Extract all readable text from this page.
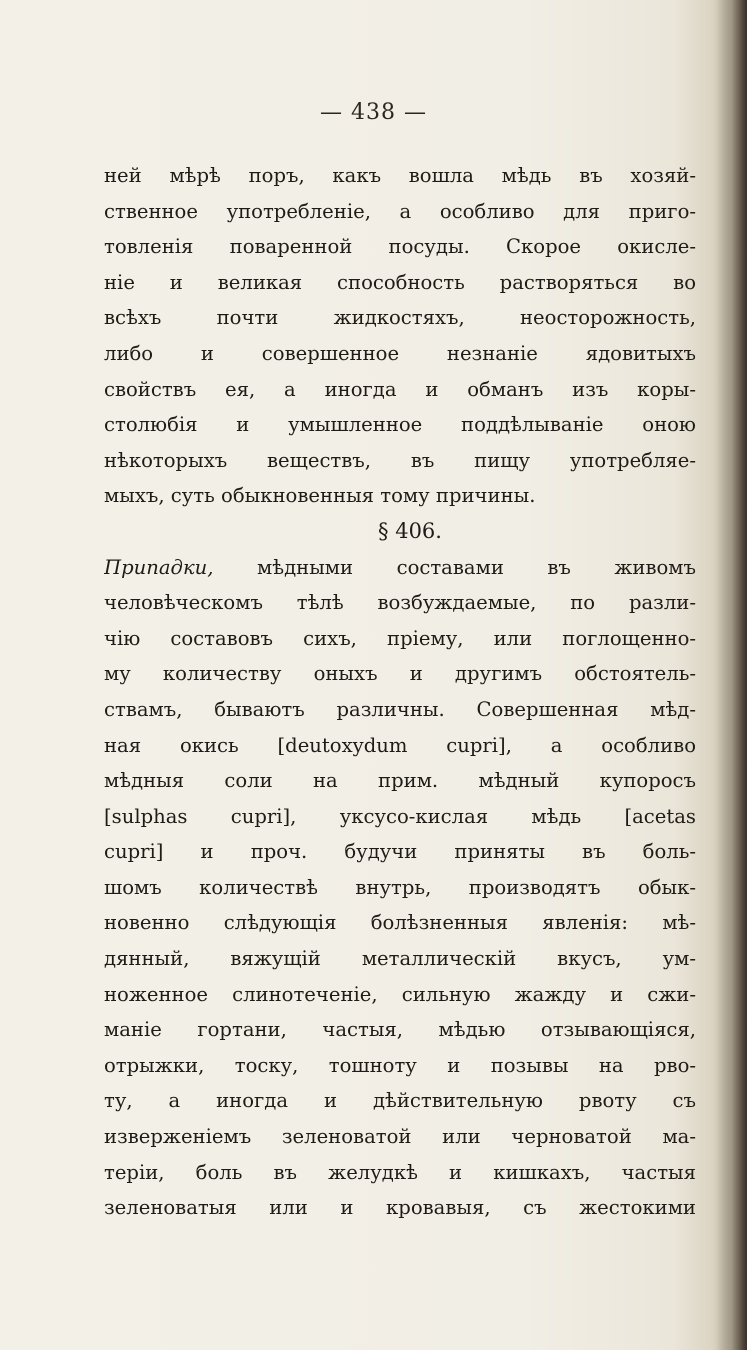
— 438 —
ней мѣрѣ поръ, какъ вошла мѣдь въ хозяй-
ственное употребленіе, а особливо для приго-
товленія поваренной посуды. Скорое окисле-
ніе и великая способность растворяться во
всѣхъ почти жидкостяхъ, неосторожность,
либо и совершенное незнаніе ядовитыхъ
свойствъ ея, а иногда и обманъ изъ коры-
столюбія и умышленное поддѣлываніе оною
нѣкоторыхъ веществъ, въ пищу употребляе-
мыхъ, суть обыкновенныя тому причины.
§ 406.
Припадки, мѣдными составами въ живомъ
человѣческомъ тѣлѣ возбуждаемые, по разли-
чію составовъ сихъ, пріему, или поглощенно-
му количеству оныхъ и другимъ обстоятель-
ствамъ, бываютъ различны. Совершенная мѣд-
ная окись [deutoxydum cupri], а особливо
мѣдныя соли на прим. мѣдный купоросъ
[sulphas cupri], уксусо-кислая мѣдь [acetas
cupri] и проч. будучи приняты въ боль-
шомъ количествѣ внутрь, производятъ обык-
новенно слѣдующія болѣзненныя явленія: мѣ-
дянный, вяжущій металлическій вкусъ, ум-
ноженное слинотеченіе, сильную жажду и сжи-
маніе гортани, частыя, мѣдью отзывающіяся,
отрыжки, тоску, тошноту и позывы на рво-
ту, а иногда и дѣйствительную рвоту съ
изверженіемъ зеленоватой или черноватой ма-
теріи, боль въ желудкѣ и кишкахъ, частыя
зеленоватыя или и кровавыя, съ жестокими
